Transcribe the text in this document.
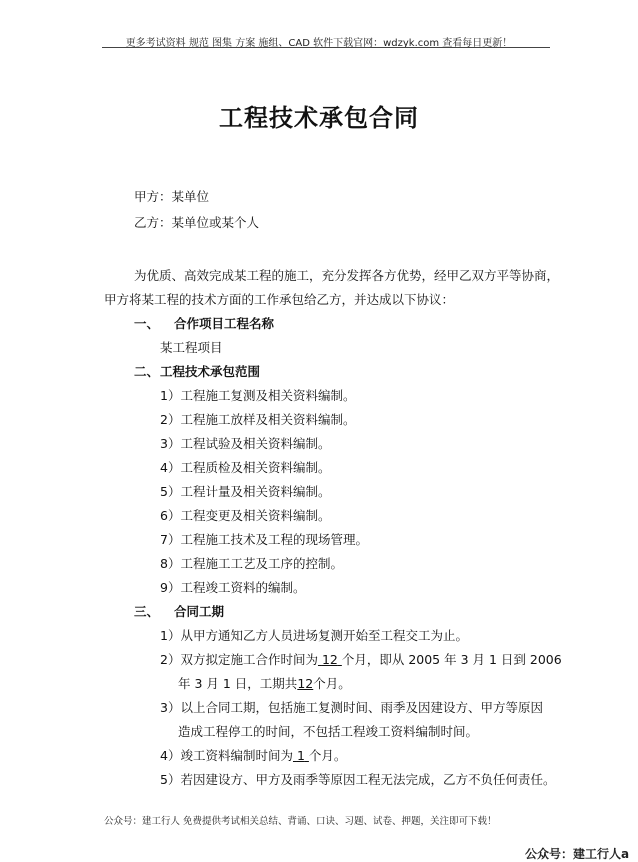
更多考试资料 规范 图集 方案 施组、CAD 软件下载官网：wdzyk.com 查看每日更新！
工程技术承包合同
甲方：某单位
乙方：某单位或某个人
为优质、高效完成某工程的施工，充分发挥各方优势，经甲乙双方平等协商，
甲方将某工程的技术方面的工作承包给乙方，并达成以下协议：
一、 合作项目工程名称
某工程项目
二、 工程技术承包范围
1）工程施工复测及相关资料编制。
2）工程施工放样及相关资料编制。
3）工程试验及相关资料编制。
4）工程质检及相关资料编制。
5）工程计量及相关资料编制。
6）工程变更及相关资料编制。
7）工程施工技术及工程的现场管理。
8）工程施工工艺及工序的控制。
9）工程竣工资料的编制。
三、 合同工期
1）从甲方通知乙方人员进场复测开始至工程交工为止。
2）双方拟定施工合作时间为 12 个月，即从 2005 年 3 月 1 日到 2006
年 3 月 1 日，工期共12个月。
3）以上合同工期，包括施工复测时间、雨季及因建设方、甲方等原因
造成工程停工的时间，不包括工程竣工资料编制时间。
4）竣工资料编制时间为 1 个月。
5）若因建设方、甲方及雨季等原因工程无法完成，乙方不负任何责任。
公众号：建工行人 免费提供考试相关总结、背诵、口诀、习题、试卷、押题，关注即可下载！
公众号：建工行人a
